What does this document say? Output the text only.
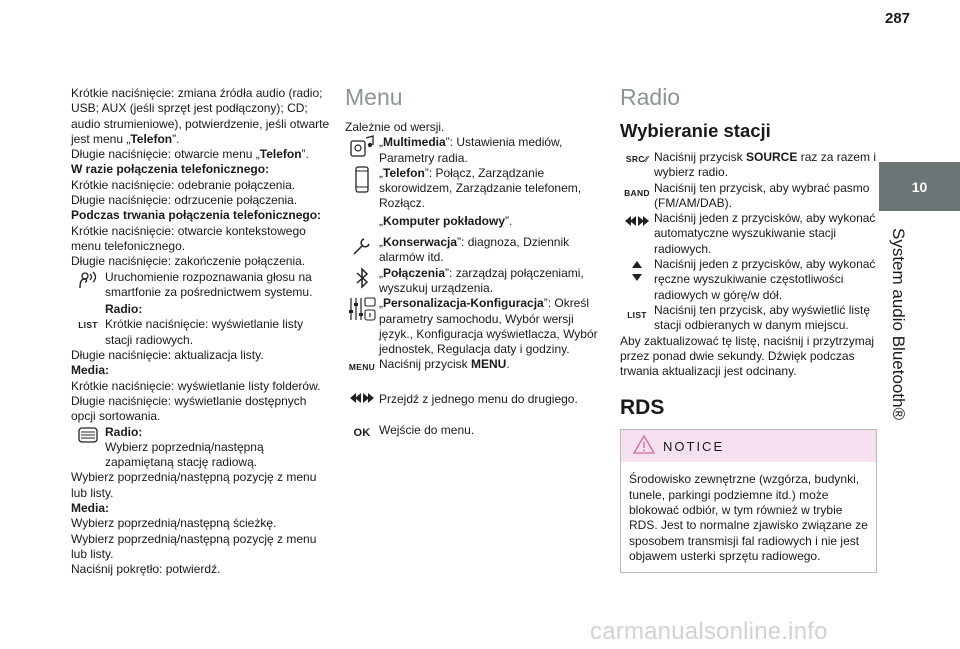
287
10
System audio Bluetooth®

Krótkie naciśnięcie: zmiana źródła audio (radio; USB; AUX (jeśli sprzęt jest podłączony); CD; audio strumieniowe), potwierdzenie, jeśli otwarte jest menu „Telefon”.

Długie naciśnięcie: otwarcie menu „Telefon”.

W razie połączenia telefonicznego:

Krótkie naciśnięcie: odebranie połączenia.

Długie naciśnięcie: odrzucenie połączenia.

Podczas trwania połączenia telefonicznego:

Krótkie naciśnięcie: otwarcie kontekstowego menu telefonicznego.

Długie naciśnięcie: zakończenie połączenia.

Uruchomienie rozpoznawania głosu na smartfonie za pośrednictwem systemu.
LIST
Radio:
Krótkie naciśnięcie: wyświetlanie listy stacji radiowych.

Długie naciśnięcie: aktualizacja listy.

Media:

Krótkie naciśnięcie: wyświetlanie listy folderów.

Długie naciśnięcie: wyświetlanie dostępnych opcji sortowania.

Radio:
Wybierz poprzednią/następną zapamiętaną stację radiową.

Wybierz poprzednią/następną pozycję z menu lub listy.

Media:

Wybierz poprzednią/następną ścieżkę.

Wybierz poprzednią/następną pozycję z menu lub listy.

Naciśnij pokrętło: potwierdź.

Menu

Zależnie od wersji.

„Multimedia”: Ustawienia mediów, Parametry radia.
„Telefon”: Połącz, Zarządzanie skorowidzem, Zarządzanie telefonem, Rozłącz.
„Komputer pokładowy”.
„Konserwacja”: diagnoza, Dziennik alarmów itd.
„Połączenia”: zarządzaj połączeniami, wyszukuj urządzenia.
„Personalizacja-Konfiguracja”: Określ parametry samochodu, Wybór wersji język., Konfiguracja wyświetlacza, Wybór jednostek, Regulacja daty i godziny.
MENU Naciśnij przycisk MENU.
Przejdź z jednego menu do drugiego.
OK Wejście do menu.
Radio
Wybieranie stacji
SRC ⁄⁄ Naciśnij przycisk SOURCE raz za razem i wybierz radio.
BAND Naciśnij ten przycisk, aby wybrać pasmo (FM/AM/DAB).
Naciśnij jeden z przycisków, aby wykonać automatyczne wyszukiwanie stacji radiowych.
Naciśnij jeden z przycisków, aby wykonać ręczne wyszukiwanie częstotliwości radiowych w górę/w dół.
LIST Naciśnij ten przycisk, aby wyświetlić listę stacji odbieranych w danym miejscu.

Aby zaktualizować tę listę, naciśnij i przytrzymaj przez ponad dwie sekundy. Dźwięk podczas trwania aktualizacji jest odcinany.

RDS
NOTICE
Środowisko zewnętrzne (wzgórza, budynki, tunele, parkingi podziemne itd.) może blokować odbiór, w tym również w trybie RDS. Jest to normalne zjawisko związane ze sposobem transmisji fal radiowych i nie jest objawem usterki sprzętu radiowego.
carmanualsonline.info
